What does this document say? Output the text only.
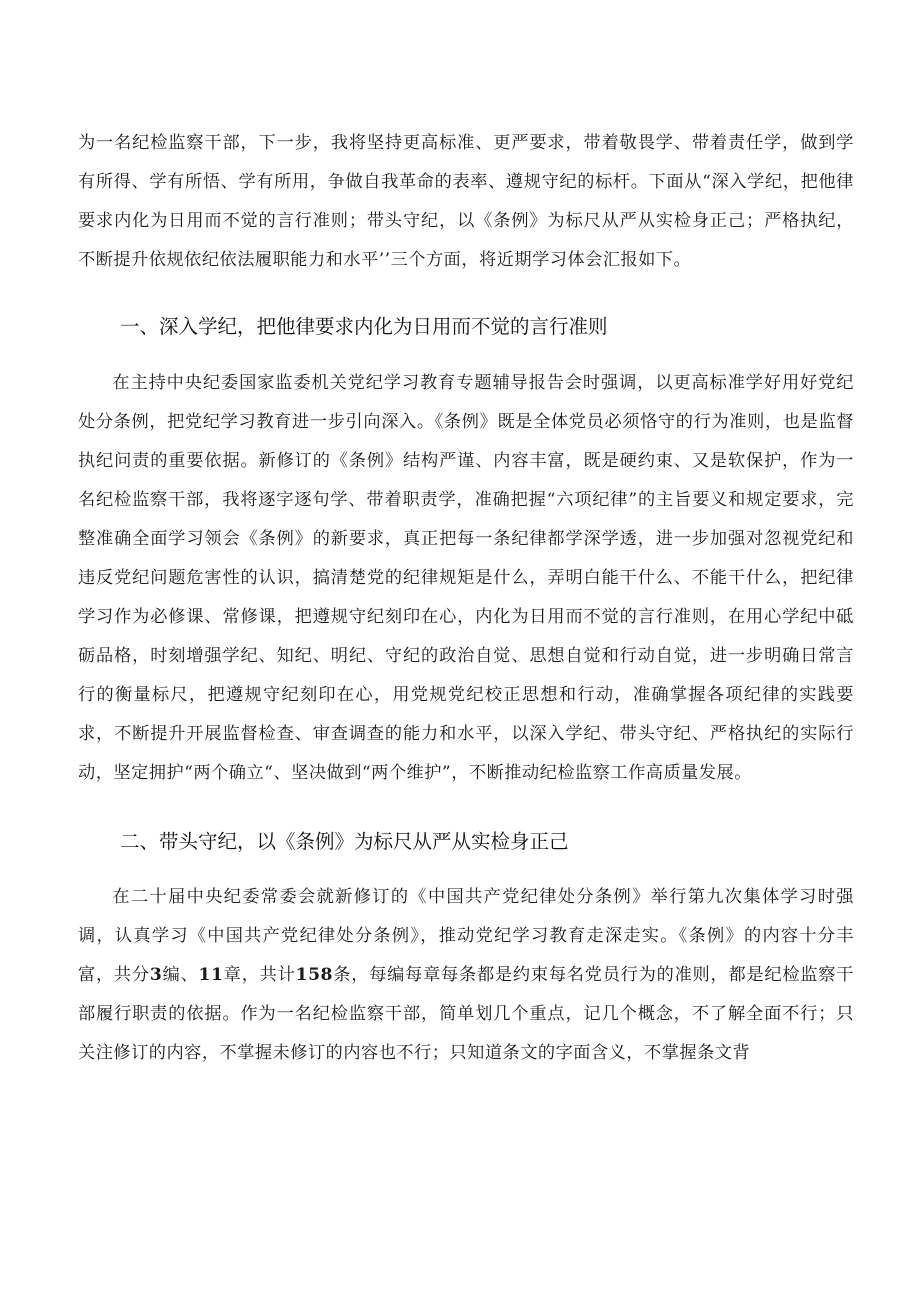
为一名纪检监察干部，下一步，我将坚持更高标准、更严要求，带着敬畏学、带着责任学，做到学有所得、学有所悟、学有所用，争做自我革命的表率、遵规守纪的标杆。下面从“深入学纪，把他律要求内化为日用而不觉的言行准则；带头守纪，以《条例》为标尺从严从实检身正己；严格执纪，不断提升依规依纪依法履职能力和水平’’三个方面，将近期学习体会汇报如下。

一、深入学纪，把他律要求内化为日用而不觉的言行准则

在主持中央纪委国家监委机关党纪学习教育专题辅导报告会时强调，以更高标准学好用好党纪处分条例，把党纪学习教育进一步引向深入。《条例》既是全体党员必须恪守的行为准则，也是监督执纪问责的重要依据。新修订的《条例》结构严谨、内容丰富，既是硬约束、又是软保护，作为一名纪检监察干部，我将逐字逐句学、带着职责学，准确把握“六项纪律”的主旨要义和规定要求，完整准确全面学习领会《条例》的新要求，真正把每一条纪律都学深学透，进一步加强对忽视党纪和违反党纪问题危害性的认识，搞清楚党的纪律规矩是什么，弄明白能干什么、不能干什么，把纪律学习作为必修课、常修课，把遵规守纪刻印在心，内化为日用而不觉的言行准则，在用心学纪中砥砺品格，时刻增强学纪、知纪、明纪、守纪的政治自觉、思想自觉和行动自觉，进一步明确日常言行的衡量标尺，把遵规守纪刻印在心，用党规党纪校正思想和行动，准确掌握各项纪律的实践要求，不断提升开展监督检查、审查调查的能力和水平，以深入学纪、带头守纪、严格执纪的实际行动，坚定拥护“两个确立“、坚决做到“两个维护”，不断推动纪检监察工作高质量发展。

二、带头守纪，以《条例》为标尺从严从实检身正己

在二十届中央纪委常委会就新修订的《中国共产党纪律处分条例》举行第九次集体学习时强调，认真学习《中国共产党纪律处分条例》，推动党纪学习教育走深走实。《条例》的内容十分丰富，共分3编、11章，共计158条，每编每章每条都是约束每名党员行为的准则，都是纪检监察干部履行职责的依据。作为一名纪检监察干部，简单划几个重点，记几个概念，不了解全面不行；只关注修订的内容，不掌握未修订的内容也不行；只知道条文的字面含义，不掌握条文背
